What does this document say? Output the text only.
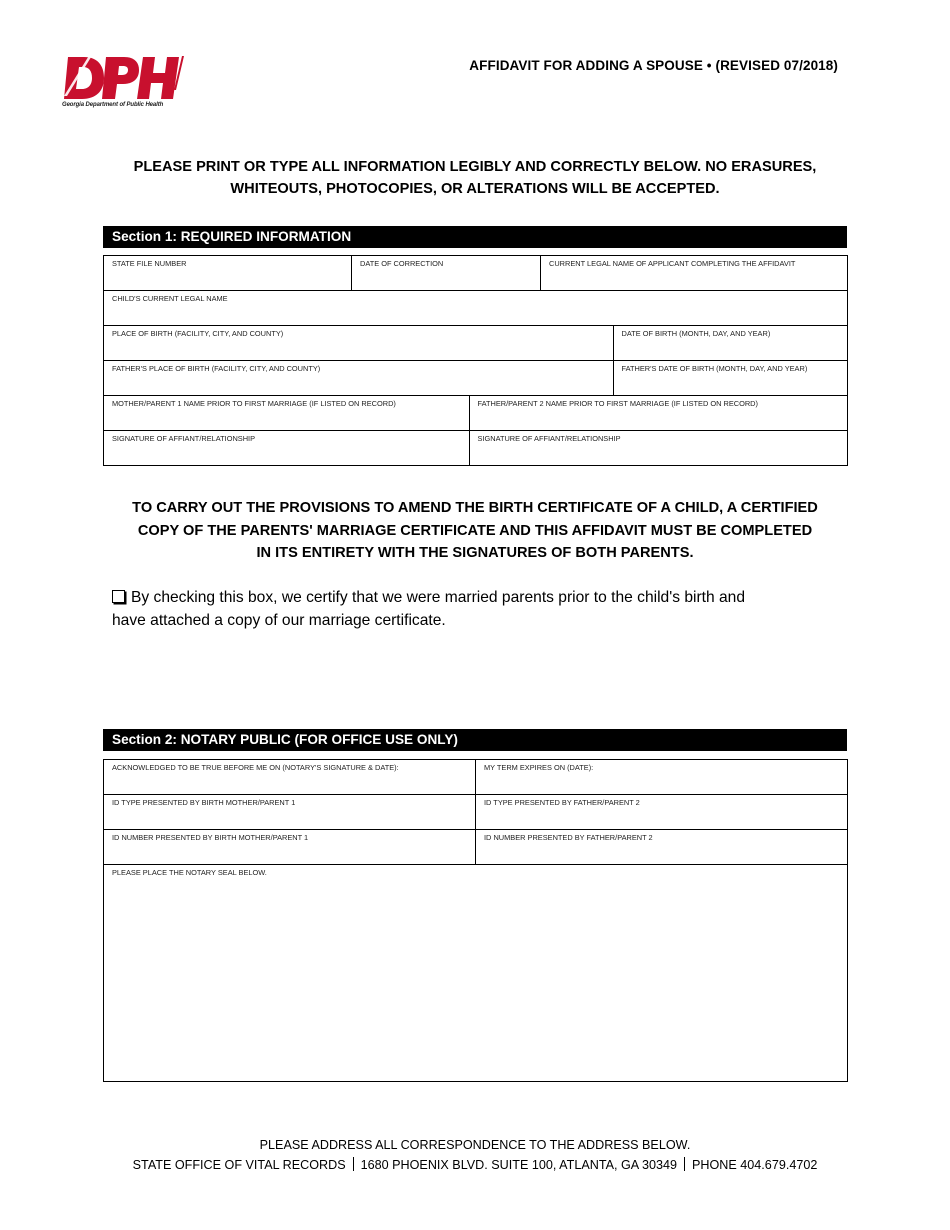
Georgia Department of Public Health
AFFIDAVIT FOR ADDING A SPOUSE • (REVISED 07/2018)
PLEASE PRINT OR TYPE ALL INFORMATION LEGIBLY AND CORRECTLY BELOW. NO ERASURES,
WHITEOUTS, PHOTOCOPIES, OR ALTERATIONS WILL BE ACCEPTED.
Section 1: REQUIRED INFORMATION
STATE FILE NUMBER	DATE OF CORRECTION	CURRENT LEGAL NAME OF APPLICANT COMPLETING THE AFFIDAVIT
CHILD'S CURRENT LEGAL NAME

PLACE OF BIRTH (FACILITY, CITY, AND COUNTY)	DATE OF BIRTH (MONTH, DAY, AND YEAR)

FATHER'S PLACE OF BIRTH (FACILITY, CITY, AND COUNTY)	FATHER'S DATE OF BIRTH (MONTH, DAY, AND YEAR)

MOTHER/PARENT 1 NAME PRIOR TO FIRST MARRIAGE (IF LISTED ON RECORD)	FATHER/PARENT 2 NAME PRIOR TO FIRST MARRIAGE (IF LISTED ON RECORD)

SIGNATURE OF AFFIANT/RELATIONSHIP	SIGNATURE OF AFFIANT/RELATIONSHIP
TO CARRY OUT THE PROVISIONS TO AMEND THE BIRTH CERTIFICATE OF A CHILD, A CERTIFIED
COPY OF THE PARENTS' MARRIAGE CERTIFICATE AND THIS AFFIDAVIT MUST BE COMPLETED
IN ITS ENTIRETY WITH THE SIGNATURES OF BOTH PARENTS.
By checking this box, we certify that we were married parents prior to the child's birth and
have attached a copy of our marriage certificate.
Section 2: NOTARY PUBLIC (FOR OFFICE USE ONLY)
ACKNOWLEDGED TO BE TRUE BEFORE ME ON (NOTARY'S SIGNATURE & DATE):	MY TERM EXPIRES ON (DATE):
ID TYPE PRESENTED BY BIRTH MOTHER/PARENT 1	ID TYPE PRESENTED BY FATHER/PARENT 2
ID NUMBER PRESENTED BY BIRTH MOTHER/PARENT 1	ID NUMBER PRESENTED BY FATHER/PARENT 2
PLEASE PLACE THE NOTARY SEAL BELOW.	
PLEASE ADDRESS ALL CORRESPONDENCE TO THE ADDRESS BELOW.
STATE OFFICE OF VITAL RECORDS 1680 PHOENIX BLVD. SUITE 100, ATLANTA, GA 30349 PHONE 404.679.4702
